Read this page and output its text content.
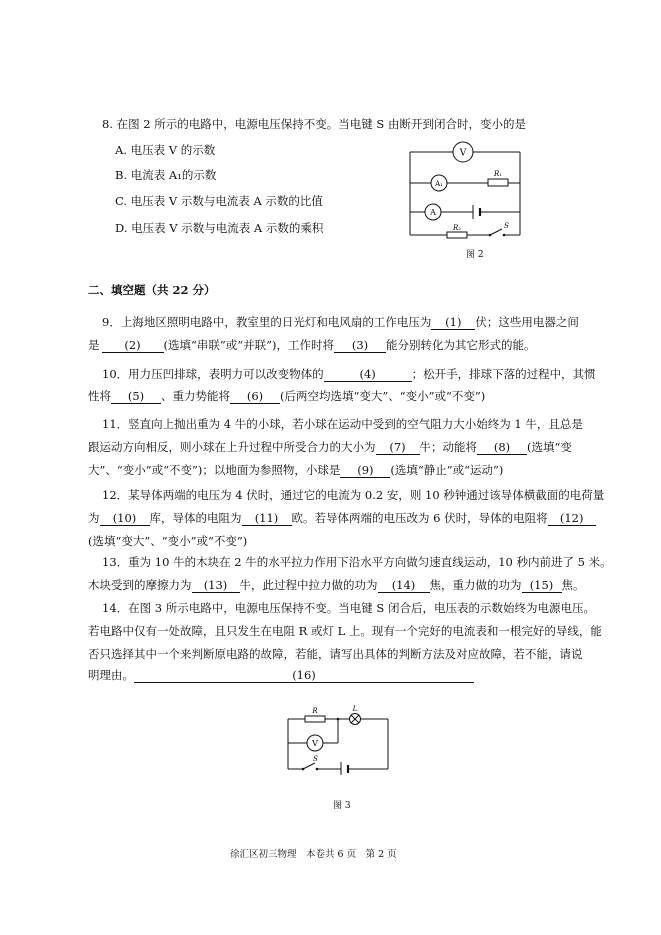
8. 在图 2 所示的电路中，电源电压保持不变。当电键 S 由断开到闭合时，变小的是
A. 电压表 V 的示数
B. 电流表 A₁的示数
C. 电压表 V 示数与电流表 A 示数的比值
D. 电压表 V 示数与电流表 A 示数的乘积
V
A₁
A
R₁
R₂	S
图 2
二、填空题（共 22 分）
9．上海地区照明电路中，教室里的日光灯和电风扇的工作电压为 (1) 伏；这些用电器之间
是 (2) (选填“串联”或“并联”)，工作时将 (3) 能分别转化为其它形式的能。
10．用力压凹排球，表明力可以改变物体的	(4)	；松开手，排球下落的过程中，其惯
性将 (5) 、重力势能将 (6) (后两空均选填“变大”、“变小”或“不变”)
11．竖直向上抛出重为 4 牛的小球，若小球在运动中受到的空气阻力大小始终为 1 牛，且总是
跟运动方向相反，则小球在上升过程中所受合力的大小为 (7) 牛；动能将 (8) (选填“变
大”、“变小”或“不变”)；以地面为参照物，小球是 (9) (选填“静止”或“运动”)
12．某导体两端的电压为 4 伏时，通过它的电流为 0.2 安，则 10 秒钟通过该导体横截面的电荷量
为 (10) 库，导体的电阻为 (11) 欧。若导体两端的电压改为 6 伏时，导体的电阻将 (12)
(选填“变大”、“变小”或“不变”)
13．重为 10 牛的木块在 2 牛的水平拉力作用下沿水平方向做匀速直线运动，10 秒内前进了 5 米。
木块受到的摩擦力为 (13) 牛，此过程中拉力做的功为 (14) 焦，重力做的功为 (15) 焦。
14．在图 3 所示电路中，电源电压保持不变。当电键 S 闭合后，电压表的示数始终为电源电压。
若电路中仅有一处故障，且只发生在电阻 R 或灯 L 上。现有一个完好的电流表和一根完好的导线，能
否只选择其中一个来判断原电路的故障，若能，请写出具体的判断方法及对应故障，若不能，请说
明理由。	(16)
V
R	L
S
图 3
徐汇区初三物理　本卷共 6 页　第 2 页
